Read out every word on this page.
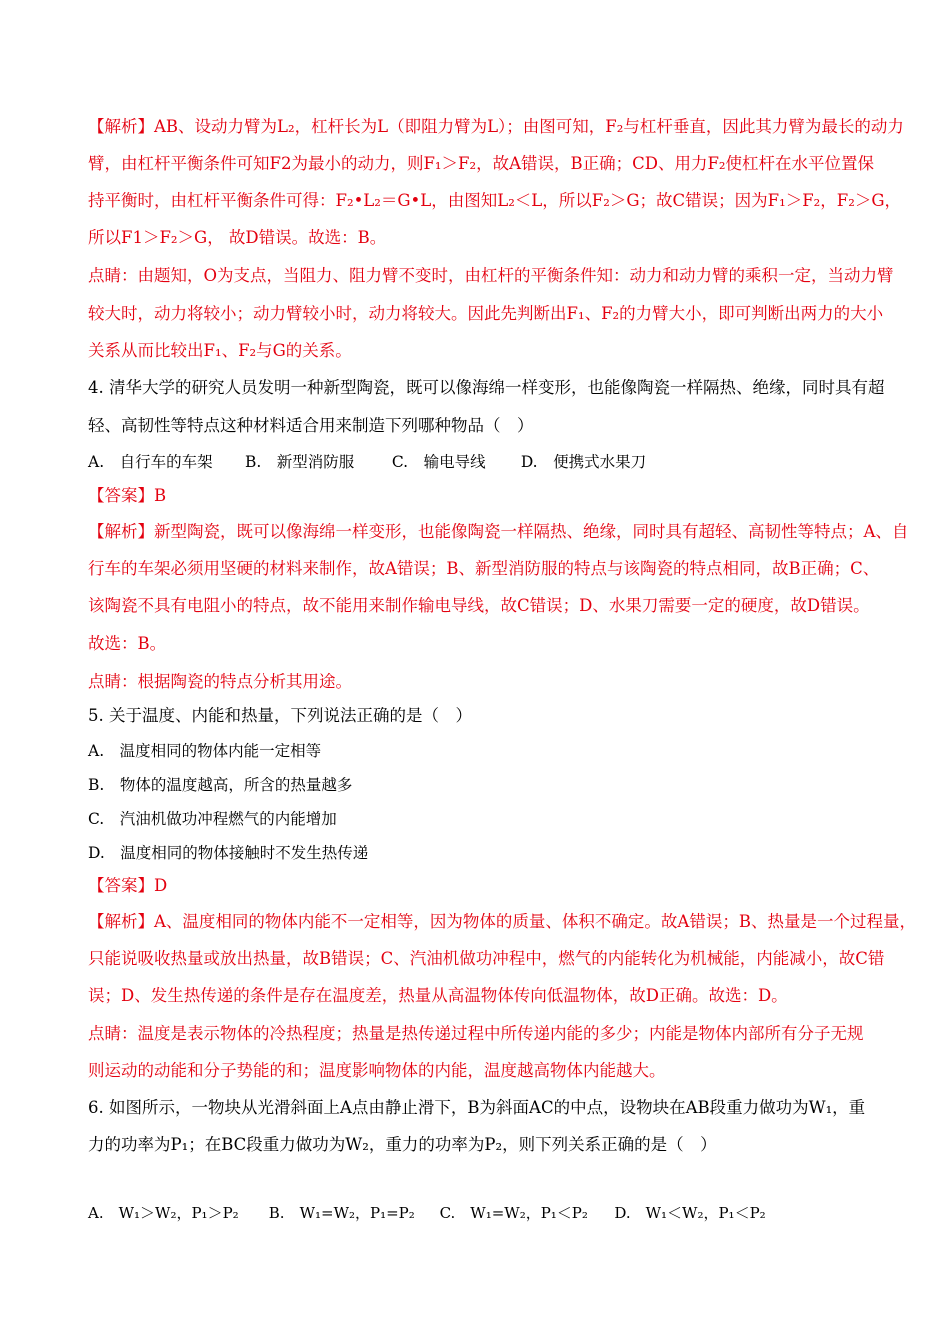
【解析】AB、设动力臂为L₂，杠杆长为L（即阻力臂为L）；由图可知，F₂与杠杆垂直，因此其力臂为最长的动力
臂，由杠杆平衡条件可知F2为最小的动力，则F₁＞F₂，故A错误，B正确；CD、用力F₂使杠杆在水平位置保
持平衡时，由杠杆平衡条件可得：F₂•L₂＝G•L，由图知L₂＜L，所以F₂＞G；故C错误；因为F₁＞F₂，F₂＞G，
所以F1＞F₂＞G， 故D错误。故选：B。
点睛：由题知，O为支点，当阻力、阻力臂不变时，由杠杆的平衡条件知：动力和动力臂的乘积一定，当动力臂
较大时，动力将较小；动力臂较小时，动力将较大。因此先判断出F₁、F₂的力臂大小，即可判断出两力的大小
关系从而比较出F₁、F₂与G的关系。
4. 清华大学的研究人员发明一种新型陶瓷，既可以像海绵一样变形，也能像陶瓷一样隔热、绝缘，同时具有超
轻、高韧性等特点这种材料适合用来制造下列哪种物品（　）
A.　自行车的车架 B.　新型消防服 C.　输电导线 D.　便携式水果刀
【答案】B
【解析】新型陶瓷，既可以像海绵一样变形，也能像陶瓷一样隔热、绝缘，同时具有超轻、高韧性等特点；A、自
行车的车架必须用坚硬的材料来制作，故A错误；B、新型消防服的特点与该陶瓷的特点相同，故B正确；C、
该陶瓷不具有电阻小的特点，故不能用来制作输电导线，故C错误；D、水果刀需要一定的硬度，故D错误。
故选：B。
点睛：根据陶瓷的特点分析其用途。
5. 关于温度、内能和热量，下列说法正确的是（　）
A.　温度相同的物体内能一定相等
B.　物体的温度越高，所含的热量越多
C.　汽油机做功冲程燃气的内能增加
D.　温度相同的物体接触时不发生热传递
【答案】D
【解析】A、温度相同的物体内能不一定相等，因为物体的质量、体积不确定。故A错误；B、热量是一个过程量，
只能说吸收热量或放出热量，故B错误；C、汽油机做功冲程中，燃气的内能转化为机械能，内能减小，故C错
误；D、发生热传递的条件是存在温度差，热量从高温物体传向低温物体，故D正确。故选：D。
点睛：温度是表示物体的冷热程度；热量是热传递过程中所传递内能的多少；内能是物体内部所有分子无规
则运动的动能和分子势能的和；温度影响物体的内能，温度越高物体内能越大。
6. 如图所示，一物块从光滑斜面上A点由静止滑下，B为斜面AC的中点，设物块在AB段重力做功为W₁，重
力的功率为P₁；在BC段重力做功为W₂，重力的功率为P₂，则下列关系正确的是（　）
A.　W₁＞W₂，P₁＞P₂ B.　W₁=W₂，P₁=P₂ C.　W₁=W₂，P₁＜P₂ D.　W₁＜W₂，P₁＜P₂
